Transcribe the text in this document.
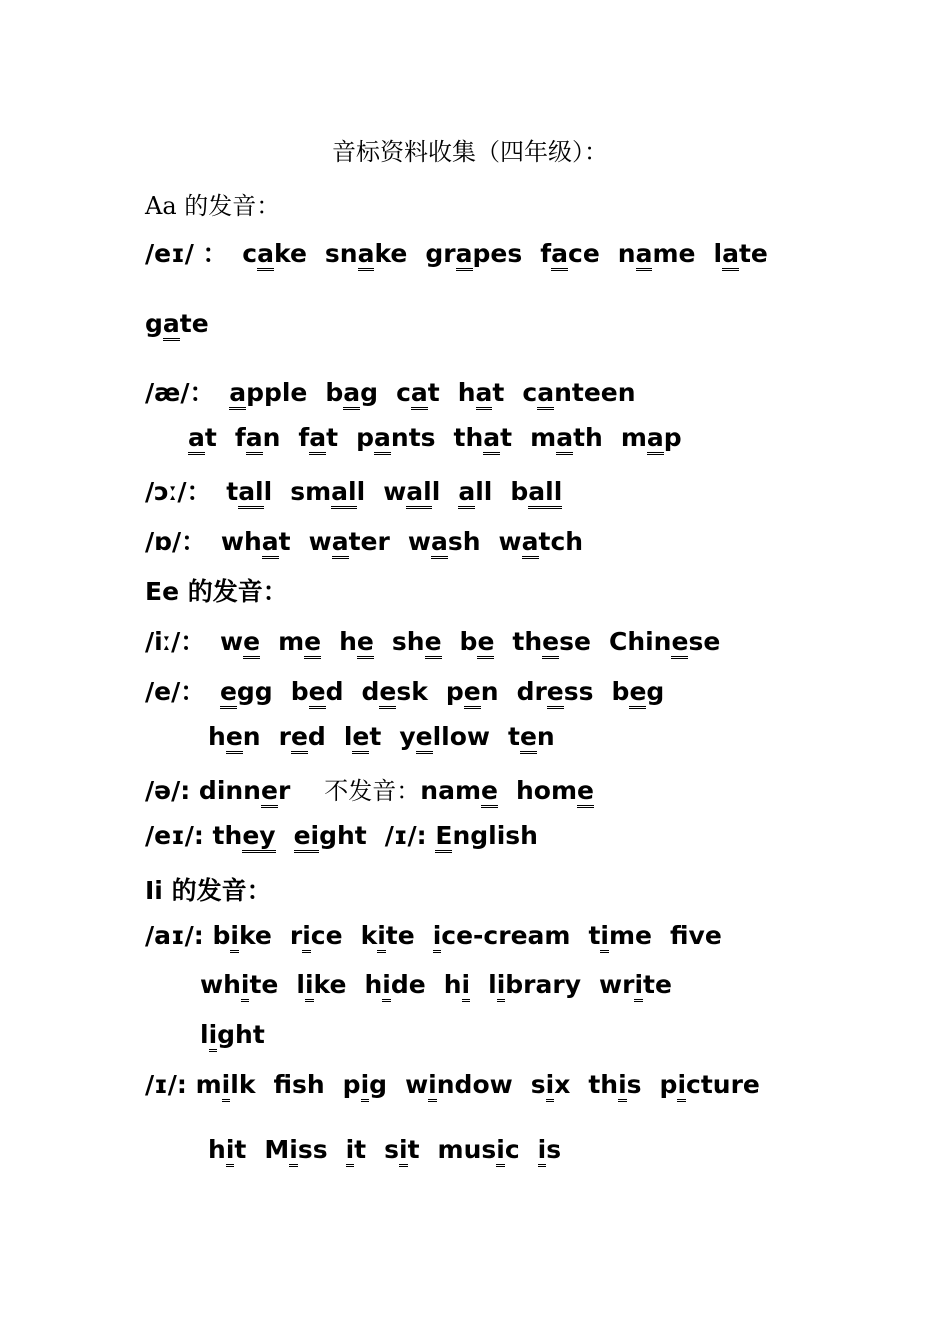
音标资料收集（四年级）：
Aa 的发音：
/eɪ/ ： cake snake grapes face name late
gate
/æ/： apple bag cat hat canteen
at fan fat pants that math map
/ɔː/： tall small wall all ball
/ɒ/： what water wash watch
Ee 的发音：
/iː/： we mehe she be these Chinese
/e/： egg bed desk pen dress beg
hen red let yellow ten
/ə/: dinner 不发音：name home
/eɪ/: they eight /ɪ/: English
Ii 的发音：
/aɪ/: bike rice kite ice-cream time fve
white like hide hi library write
light
/ɪ/: milk fsh pig window six this picture
hit Miss it sit music is
